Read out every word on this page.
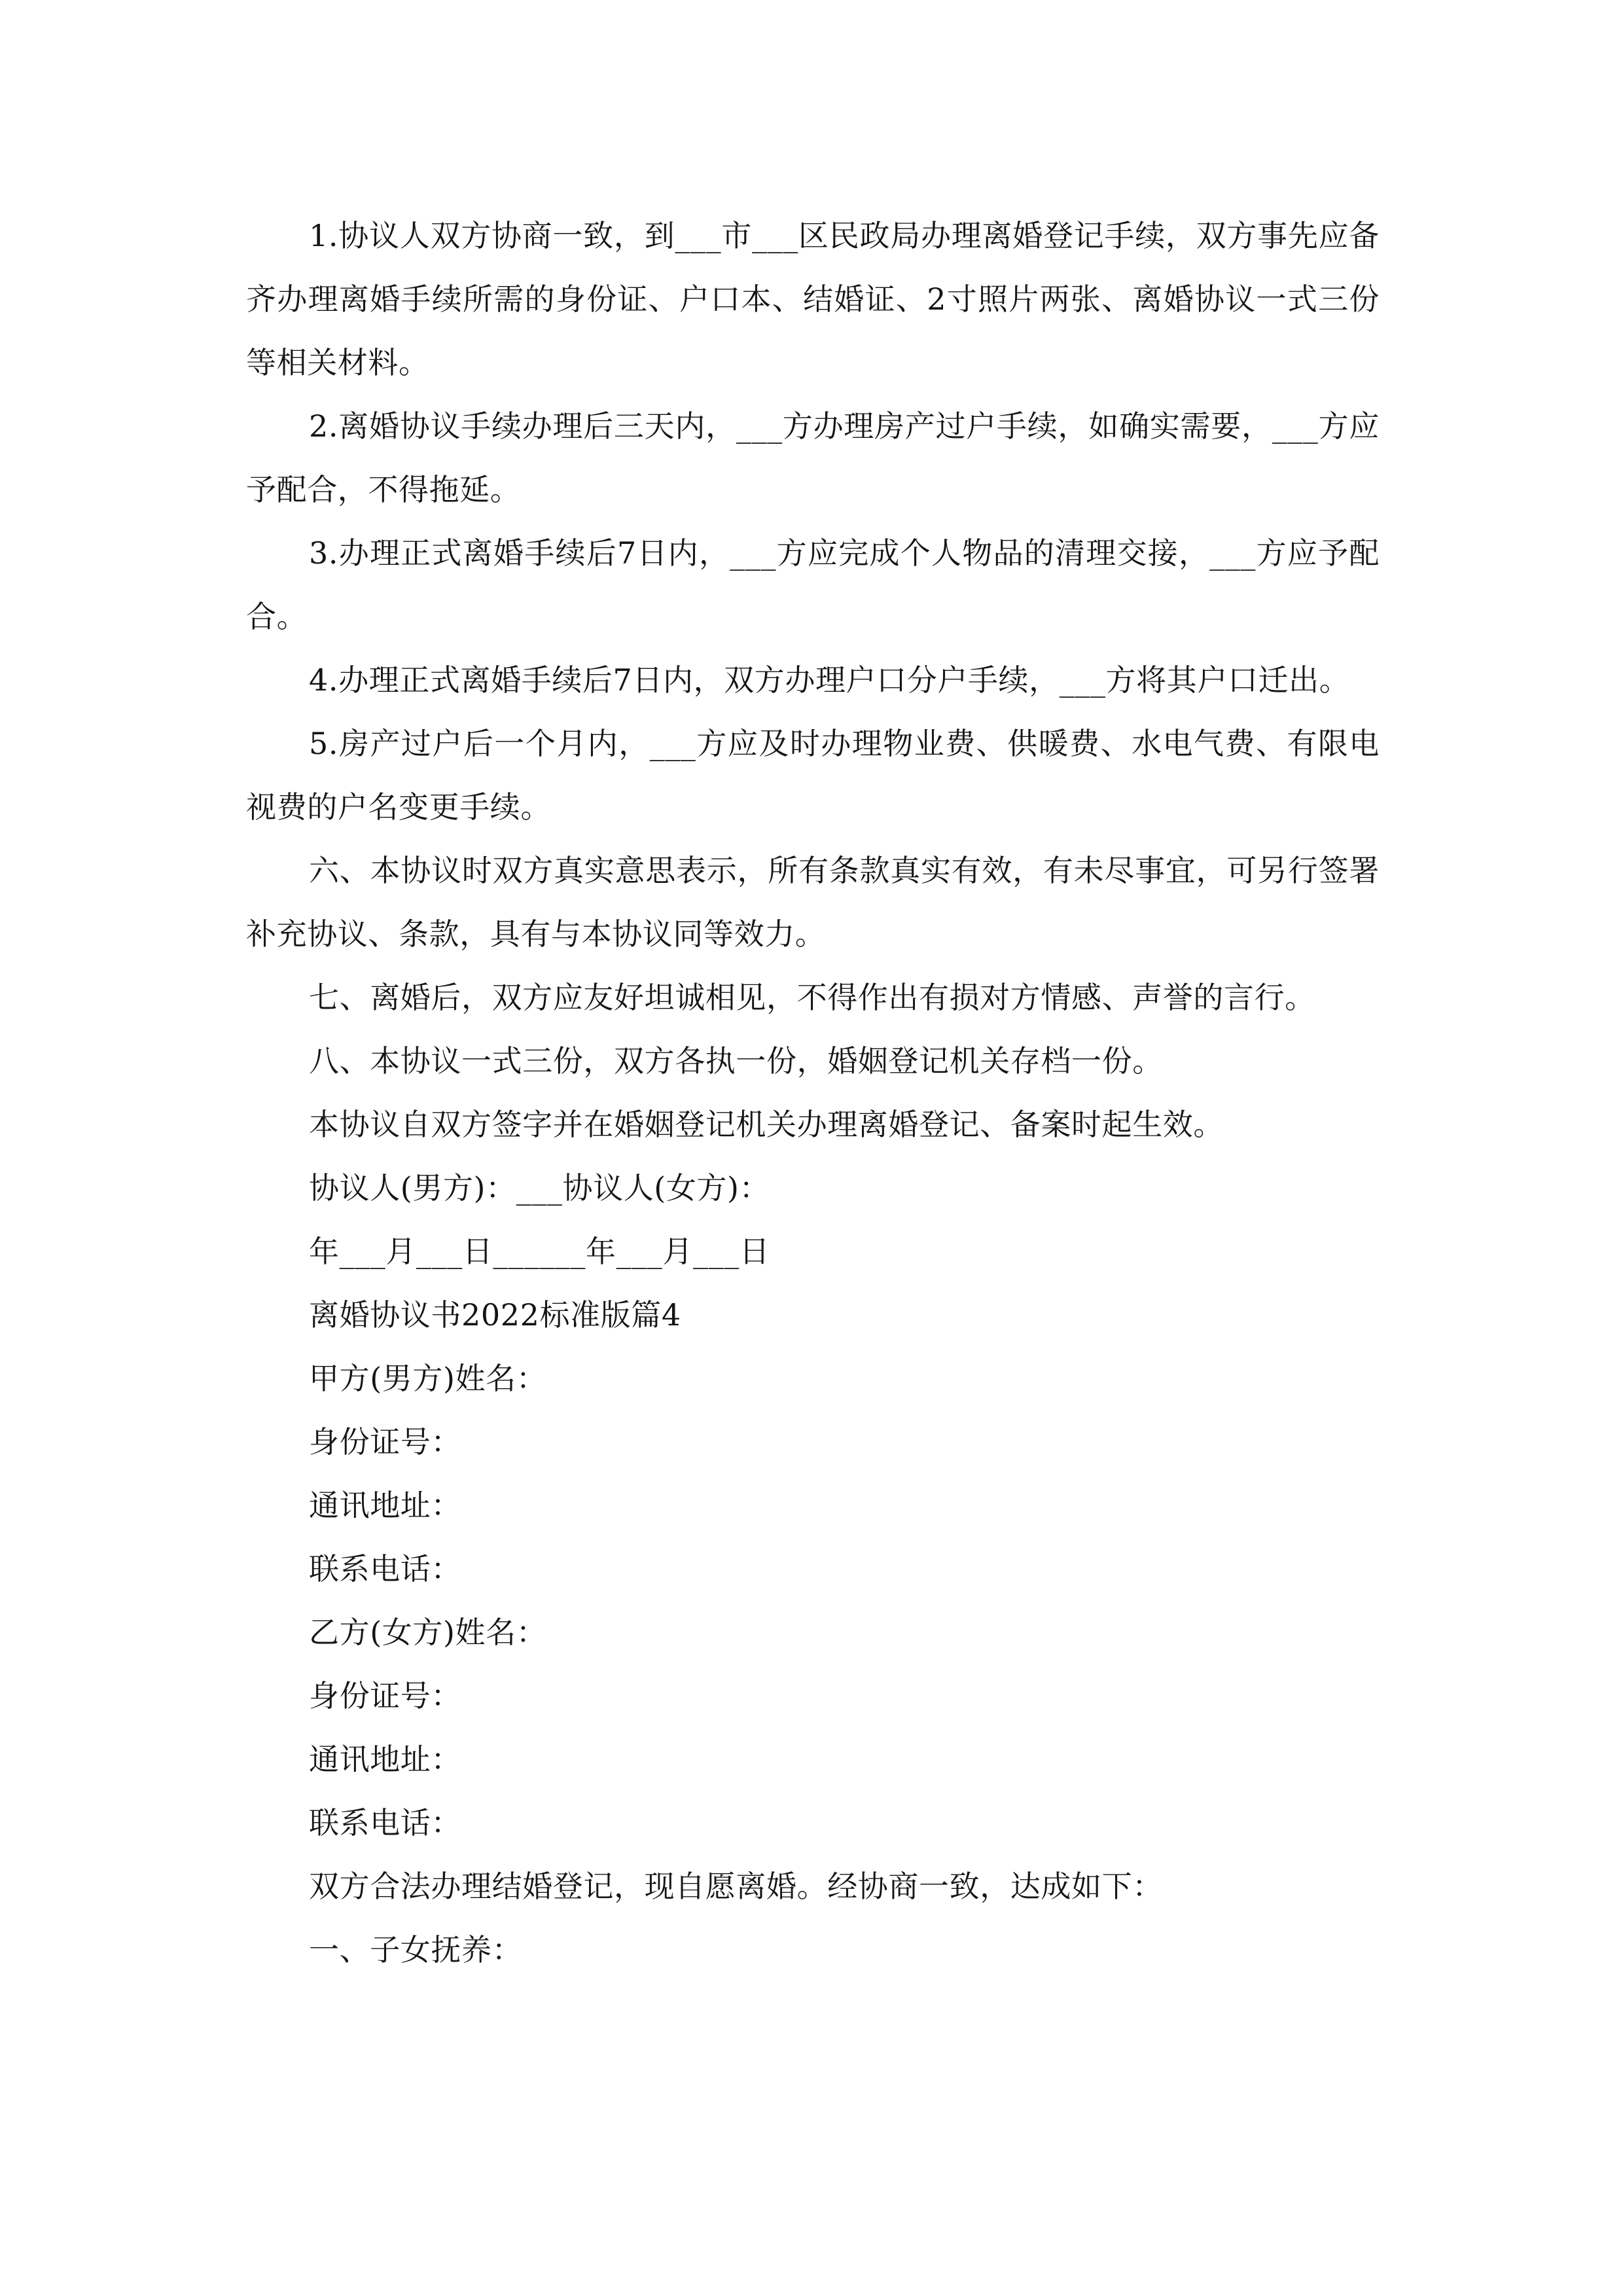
1.协议人双方协商一致，到___市___区民政局办理离婚登记手续，双方事先应备齐办理离婚手续所需的身份证、户口本、结婚证、2寸照片两张、离婚协议一式三份等相关材料。

2.离婚协议手续办理后三天内，___方办理房产过户手续，如确实需要，___方应予配合，不得拖延。

3.办理正式离婚手续后7日内，___方应完成个人物品的清理交接，___方应予配合。

4.办理正式离婚手续后7日内，双方办理户口分户手续，___方将其户口迁出。

5.房产过户后一个月内，___方应及时办理物业费、供暖费、水电气费、有限电视费的户名变更手续。

六、本协议时双方真实意思表示，所有条款真实有效，有未尽事宜，可另行签署补充协议、条款，具有与本协议同等效力。

七、离婚后，双方应友好坦诚相见，不得作出有损对方情感、声誉的言行。

八、本协议一式三份，双方各执一份，婚姻登记机关存档一份。

本协议自双方签字并在婚姻登记机关办理离婚登记、备案时起生效。

协议人(男方)：___协议人(女方)：

年___月___日______年___月___日

离婚协议书2022标准版篇4

甲方(男方)姓名：

身份证号：

通讯地址：

联系电话：

乙方(女方)姓名：

身份证号：

通讯地址：

联系电话：

双方合法办理结婚登记，现自愿离婚。经协商一致，达成如下：

一、子女抚养：
